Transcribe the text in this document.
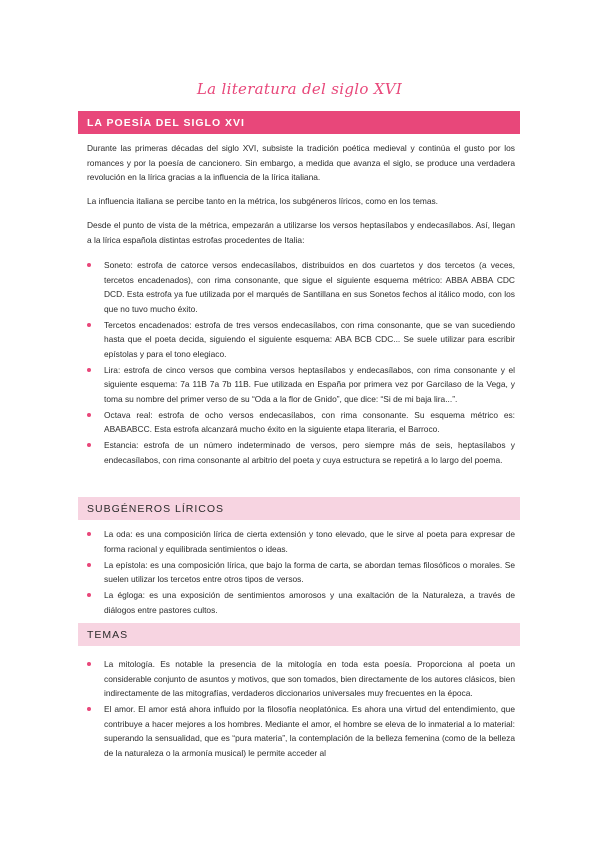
La literatura del siglo XVI
LA POESÍA DEL SIGLO XVI
Durante las primeras décadas del siglo XVI, subsiste la tradición poética medieval y continúa el gusto por los romances y por la poesía de cancionero. Sin embargo, a medida que avanza el siglo, se produce una verdadera revolución en la lírica gracias a la influencia de la lírica italiana.
La influencia italiana se percibe tanto en la métrica, los subgéneros líricos, como en los temas.
Desde el punto de vista de la métrica, empezarán a utilizarse los versos heptasílabos y endecasílabos. Así, llegan a la lírica española distintas estrofas procedentes de Italia:
Soneto: estrofa de catorce versos endecasílabos, distribuidos en dos cuartetos y dos tercetos (a veces, tercetos encadenados), con rima consonante, que sigue el siguiente esquema métrico: ABBA ABBA CDC DCD. Esta estrofa ya fue utilizada por el marqués de Santillana en sus Sonetos fechos al itálico modo, con los que no tuvo mucho éxito.
Tercetos encadenados: estrofa de tres versos endecasílabos, con rima consonante, que se van sucediendo hasta que el poeta decida, siguiendo el siguiente esquema: ABA BCB CDC... Se suele utilizar para escribir epístolas y para el tono elegiaco.
Lira: estrofa de cinco versos que combina versos heptasílabos y endecasílabos, con rima consonante y el siguiente esquema: 7a 11B 7a 7b 11B. Fue utilizada en España por primera vez por Garcilaso de la Vega, y toma su nombre del primer verso de su “Oda a la flor de Gnido”, que dice: “Si de mi baja lira...”.
Octava real: estrofa de ocho versos endecasílabos, con rima consonante. Su esquema métrico es: ABABABCC. Esta estrofa alcanzará mucho éxito en la siguiente etapa literaria, el Barroco.
Estancia: estrofa de un número indeterminado de versos, pero siempre más de seis, heptasílabos y endecasílabos, con rima consonante al arbitrio del poeta y cuya estructura se repetirá a lo largo del poema.
SUBGÉNEROS LÍRICOS
La oda: es una composición lírica de cierta extensión y tono elevado, que le sirve al poeta para expresar de forma racional y equilibrada sentimientos o ideas.
La epístola: es una composición lírica, que bajo la forma de carta, se abordan temas filosóficos o morales. Se suelen utilizar los tercetos entre otros tipos de versos.
La égloga: es una exposición de sentimientos amorosos y una exaltación de la Naturaleza, a través de diálogos entre pastores cultos.
TEMAS
La mitología. Es notable la presencia de la mitología en toda esta poesía. Proporciona al poeta un considerable conjunto de asuntos y motivos, que son tomados, bien directamente de los autores clásicos, bien indirectamente de las mitografías, verdaderos diccionarios universales muy frecuentes en la época.
El amor. El amor está ahora influido por la filosofía neoplatónica. Es ahora una virtud del entendimiento, que contribuye a hacer mejores a los hombres. Mediante el amor, el hombre se eleva de lo inmaterial a lo material: superando la sensualidad, que es “pura materia”, la contemplación de la belleza femenina (como de la belleza de la naturaleza o la armonía musical) le permite acceder al
